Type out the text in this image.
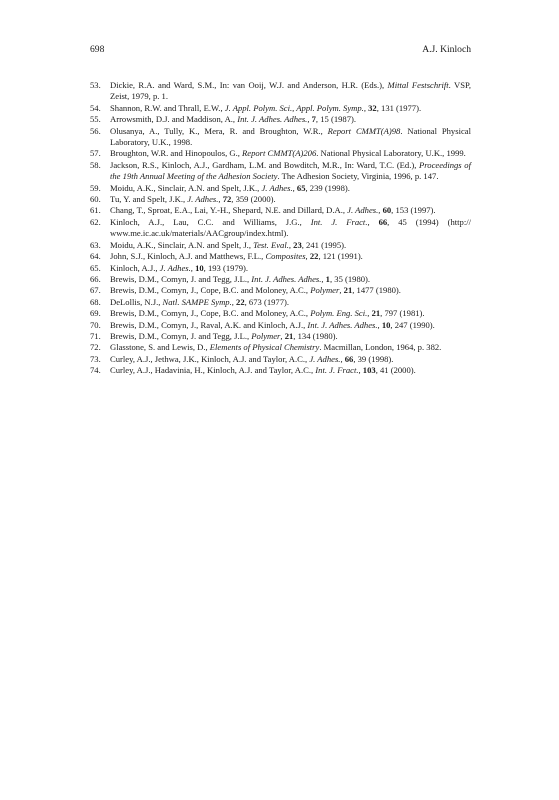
698	A.J. Kinloch
53. Dickie, R.A. and Ward, S.M., In: van Ooij, W.J. and Anderson, H.R. (Eds.), Mittal Festschrift. VSP, Zeist, 1979, p. 1.
54. Shannon, R.W. and Thrall, E.W., J. Appl. Polym. Sci., Appl. Polym. Symp., 32, 131 (1977).
55. Arrowsmith, D.J. and Maddison, A., Int. J. Adhes. Adhes., 7, 15 (1987).
56. Olusanya, A., Tully, K., Mera, R. and Broughton, W.R., Report CMMT(A)98. National Physical Laboratory, U.K., 1998.
57. Broughton, W.R. and Hinopoulos, G., Report CMMT(A)206. National Physical Laboratory, U.K., 1999.
58. Jackson, R.S., Kinloch, A.J., Gardham, L.M. and Bowditch, M.R., In: Ward, T.C. (Ed.), Proceedings of the 19th Annual Meeting of the Adhesion Society. The Adhesion Society, Virginia, 1996, p. 147.
59. Moidu, A.K., Sinclair, A.N. and Spelt, J.K., J. Adhes., 65, 239 (1998).
60. Tu, Y. and Spelt, J.K., J. Adhes., 72, 359 (2000).
61. Chang, T., Sproat, E.A., Lai, Y.-H., Shepard, N.E. and Dillard, D.A., J. Adhes., 60, 153 (1997).
62. Kinloch, A.J., Lau, C.C. and Williams, J.G., Int. J. Fract., 66, 45 (1994) (http:// www.me.ic.ac.uk/materials/AACgroup/index.html).
63. Moidu, A.K., Sinclair, A.N. and Spelt, J., Test. Eval., 23, 241 (1995).
64. John, S.J., Kinloch, A.J. and Matthews, F.L., Composites, 22, 121 (1991).
65. Kinloch, A.J., J. Adhes., 10, 193 (1979).
66. Brewis, D.M., Comyn, J. and Tegg, J.L., Int. J. Adhes. Adhes., 1, 35 (1980).
67. Brewis, D.M., Comyn, J., Cope, B.C. and Moloney, A.C., Polymer, 21, 1477 (1980).
68. DeLollis, N.J., Natl. SAMPE Symp., 22, 673 (1977).
69. Brewis, D.M., Comyn, J., Cope, B.C. and Moloney, A.C., Polym. Eng. Sci., 21, 797 (1981).
70. Brewis, D.M., Comyn, J., Raval, A.K. and Kinloch, A.J., Int. J. Adhes. Adhes., 10, 247 (1990).
71. Brewis, D.M., Comyn, J. and Tegg, J.L., Polymer, 21, 134 (1980).
72. Glasstone, S. and Lewis, D., Elements of Physical Chemistry. Macmillan, London, 1964, p. 382.
73. Curley, A.J., Jethwa, J.K., Kinloch, A.J. and Taylor, A.C., J. Adhes., 66, 39 (1998).
74. Curley, A.J., Hadavinia, H., Kinloch, A.J. and Taylor, A.C., Int. J. Fract., 103, 41 (2000).
